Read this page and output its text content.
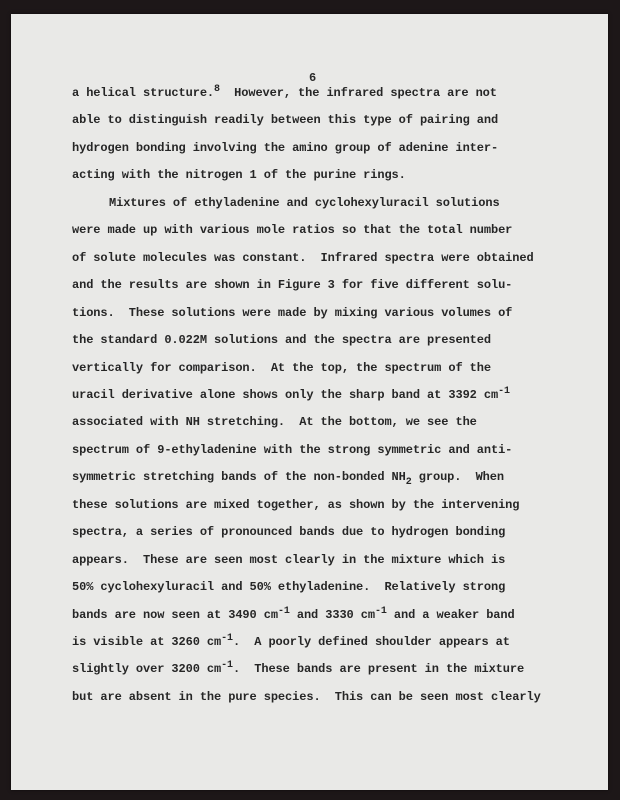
6
a helical structure.$^8$  However, the infrared spectra are not
able to distinguish readily between this type of pairing and
hydrogen bonding involving the amino group of adenine inter-
acting with the nitrogen 1 of the purine rings.
Mixtures of ethyladenine and cyclohexyluracil solutions
were made up with various mole ratios so that the total number
of solute molecules was constant.  Infrared spectra were obtained
and the results are shown in Figure 3 for five different solu-
tions.  These solutions were made by mixing various volumes of
the standard 0.022M solutions and the spectra are presented
vertically for comparison.  At the top, the spectrum of the
uracil derivative alone shows only the sharp band at 3392 $cm^{-1}$
associated with NH stretching.  At the bottom, we see the
spectrum of 9-ethyladenine with the strong symmetric and anti-
symmetric stretching bands of the non-bonded $NH_2$ group.  When
these solutions are mixed together, as shown by the intervening
spectra, a series of pronounced bands due to hydrogen bonding
appears.  These are seen most clearly in the mixture which is
50% cyclohexyluracil and 50% ethyladenine.  Relatively strong
bands are now seen at 3490 $cm^{-1}$ and 3330 $cm^{-1}$ and a weaker band
is visible at 3260 $cm^{-1}$.  A poorly defined shoulder appears at
slightly over 3200 $cm^{-1}$.  These bands are present in the mixture
but are absent in the pure species.  This can be seen most clearly
